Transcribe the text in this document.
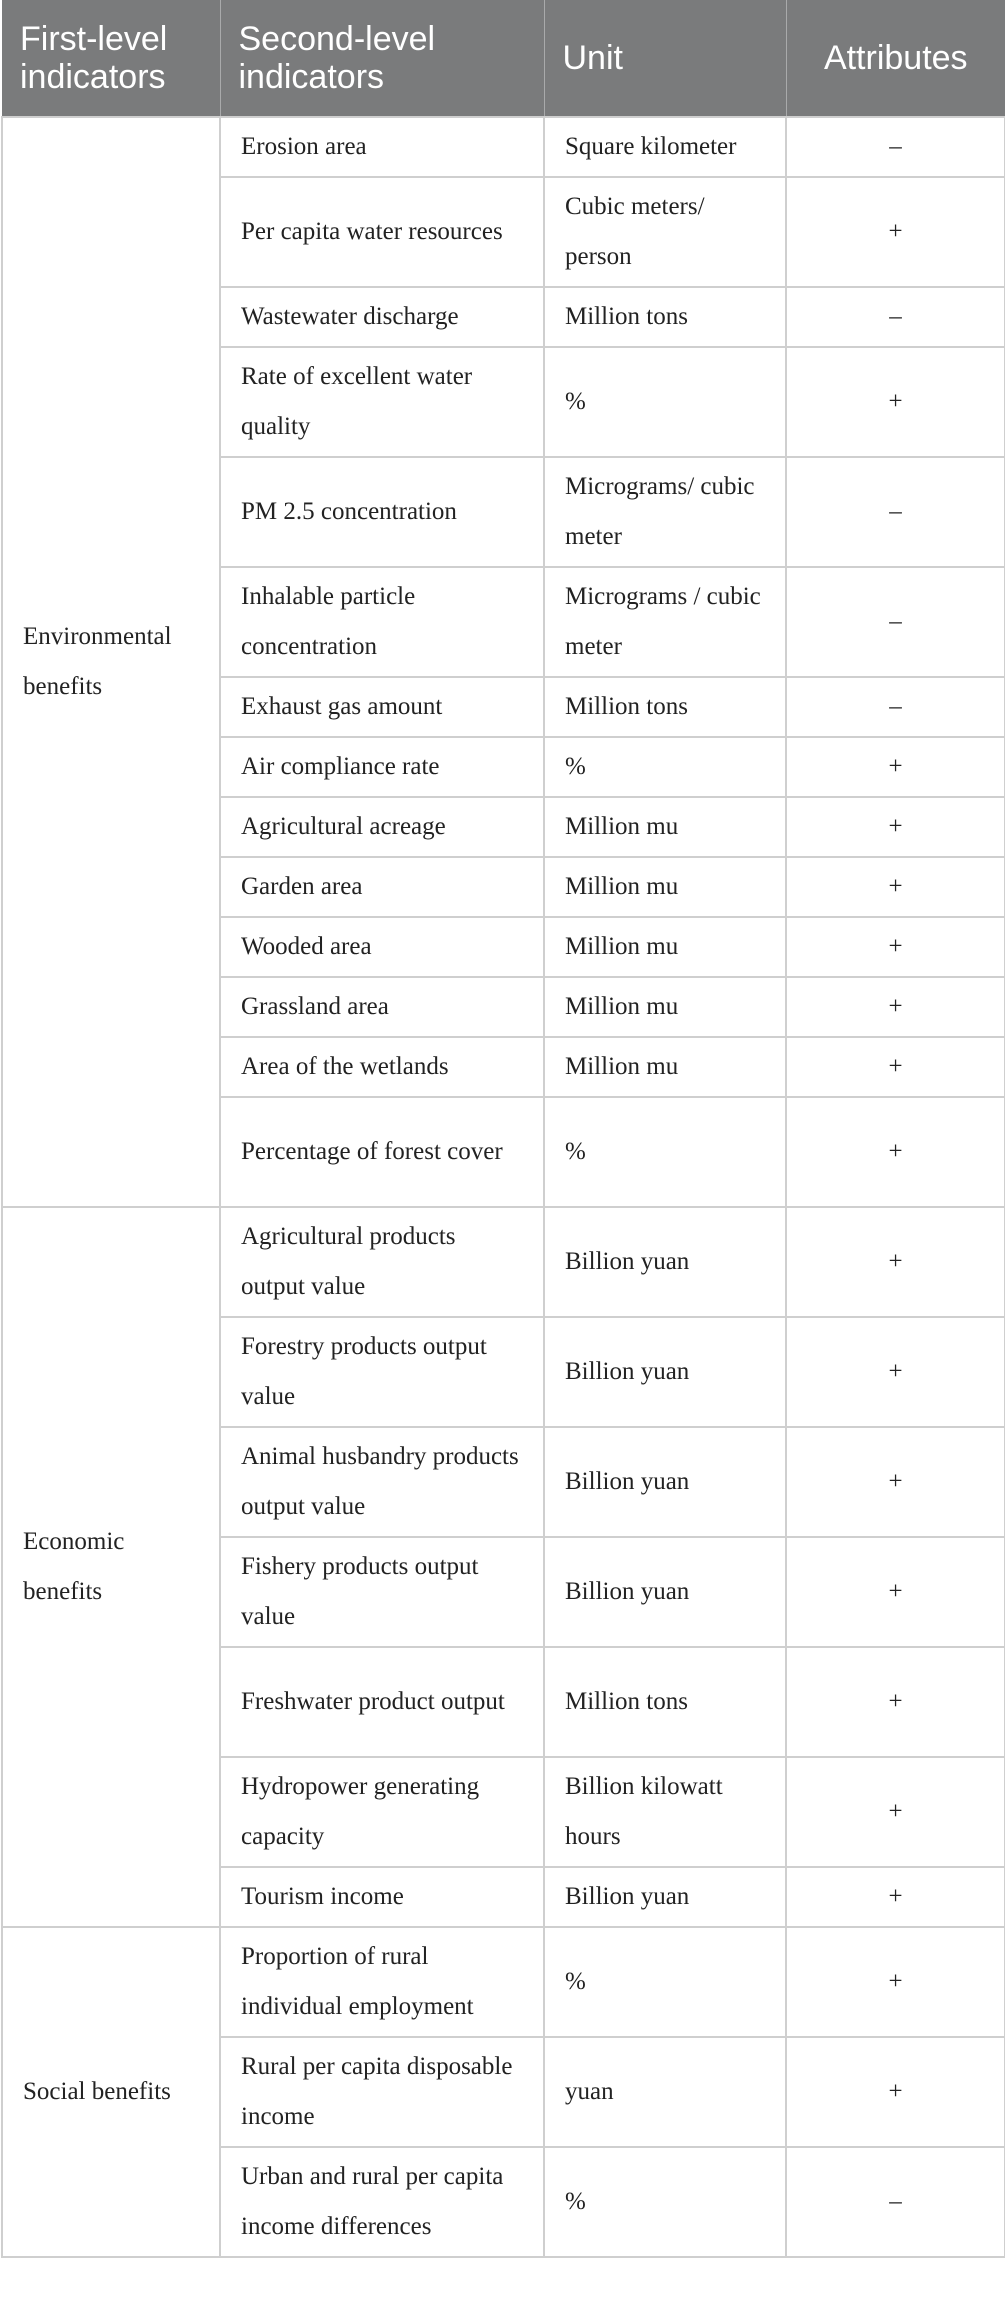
First-level indicators	Second-level indicators	Unit	Attributes
Environmental benefits	Erosion area	Square kilometer	–
	Per capita water resources	Cubic meters/ person	+
	Wastewater discharge	Million tons	–
	Rate of excellent water quality	%	+
	PM 2.5 concentration	Micrograms/ cubic meter	–
	Inhalable particle concentration	Micrograms / cubic meter	–
	Exhaust gas amount	Million tons	–
	Air compliance rate	%	+
	Agricultural acreage	Million mu	+
	Garden area	Million mu	+
	Wooded area	Million mu	+
	Grassland area	Million mu	+
	Area of the wetlands	Million mu	+
	Percentage of forest cover	%	+
Economic benefits	Agricultural products output value	Billion yuan	+
	Forestry products output value	Billion yuan	+
	Animal husbandry products output value	Billion yuan	+
	Fishery products output value	Billion yuan	+
	Freshwater product output	Million tons	+
	Hydropower generating capacity	Billion kilowatt hours	+
	Tourism income	Billion yuan	+
Social benefits	Proportion of rural individual employment	%	+
	Rural per capita disposable income	yuan	+
	Urban and rural per capita income differences	%	–
